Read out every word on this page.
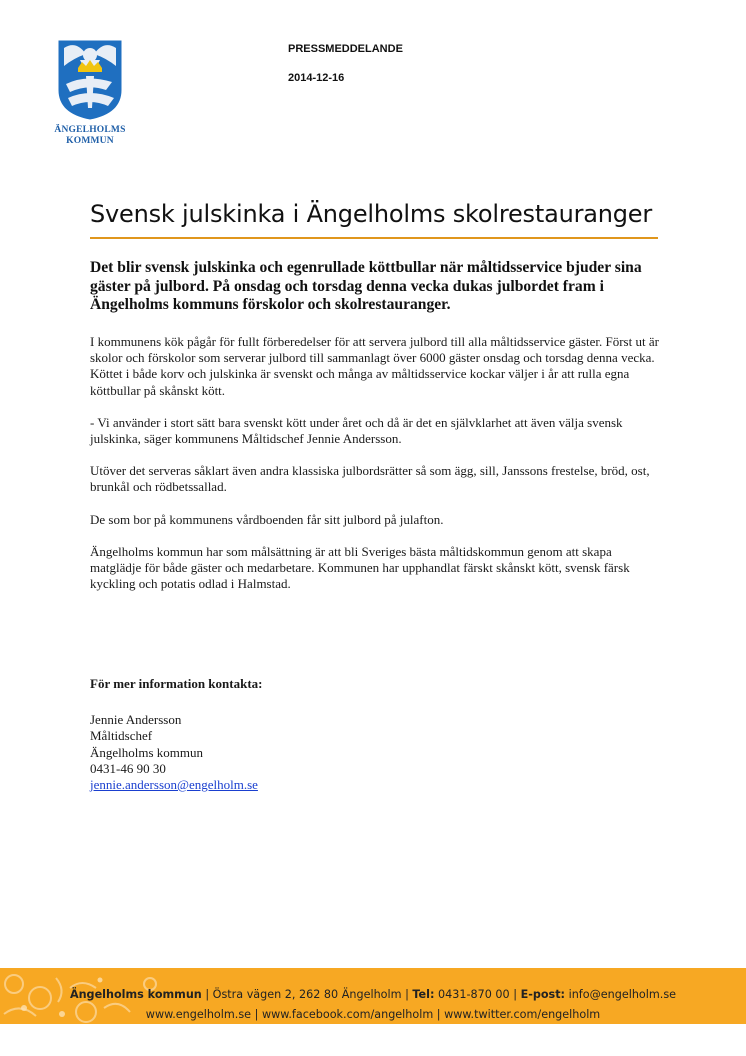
ÄNGELHOLMS
KOMMUN
PRESSMEDDELANDE
2014-12-16
Svensk julskinka i Ängelholms skolrestauranger
Det blir svensk julskinka och egenrullade köttbullar när måltidsservice bjuder sina gäster på julbord. På onsdag och torsdag denna vecka dukas julbordet fram i Ängelholms kommuns förskolor och skolrestauranger.

I kommunens kök pågår för fullt förberedelser för att servera julbord till alla måltidsservice gäster. Först ut är skolor och förskolor som serverar julbord till sammanlagt över 6000 gäster onsdag och torsdag denna vecka. Köttet i både korv och julskinka är svenskt och många av måltidsservice kockar väljer i år att rulla egna köttbullar på skånskt kött.

- Vi använder i stort sätt bara svenskt kött under året och då är det en självklarhet att även välja svensk julskinka, säger kommunens Måltidschef Jennie Andersson.

Utöver det serveras såklart även andra klassiska julbordsrätter så som ägg, sill, Janssons frestelse, bröd, ost, brunkål och rödbetssallad.

De som bor på kommunens vårdboenden får sitt julbord på julafton.

Ängelholms kommun har som målsättning är att bli Sveriges bästa måltidskommun genom att skapa matglädje för både gäster och medarbetare. Kommunen har upphandlat färskt skånskt kött, svensk färsk kyckling och potatis odlad i Halmstad.

För mer information kontakta:
Jennie Andersson
Måltidschef
Ängelholms kommun
0431-46 90 30
jennie.andersson@engelholm.se
Ängelholms kommun | Östra vägen 2, 262 80 Ängelholm | Tel: 0431-870 00 | E-post: info@engelholm.se
www.engelholm.se | www.facebook.com/angelholm | www.twitter.com/engelholm
